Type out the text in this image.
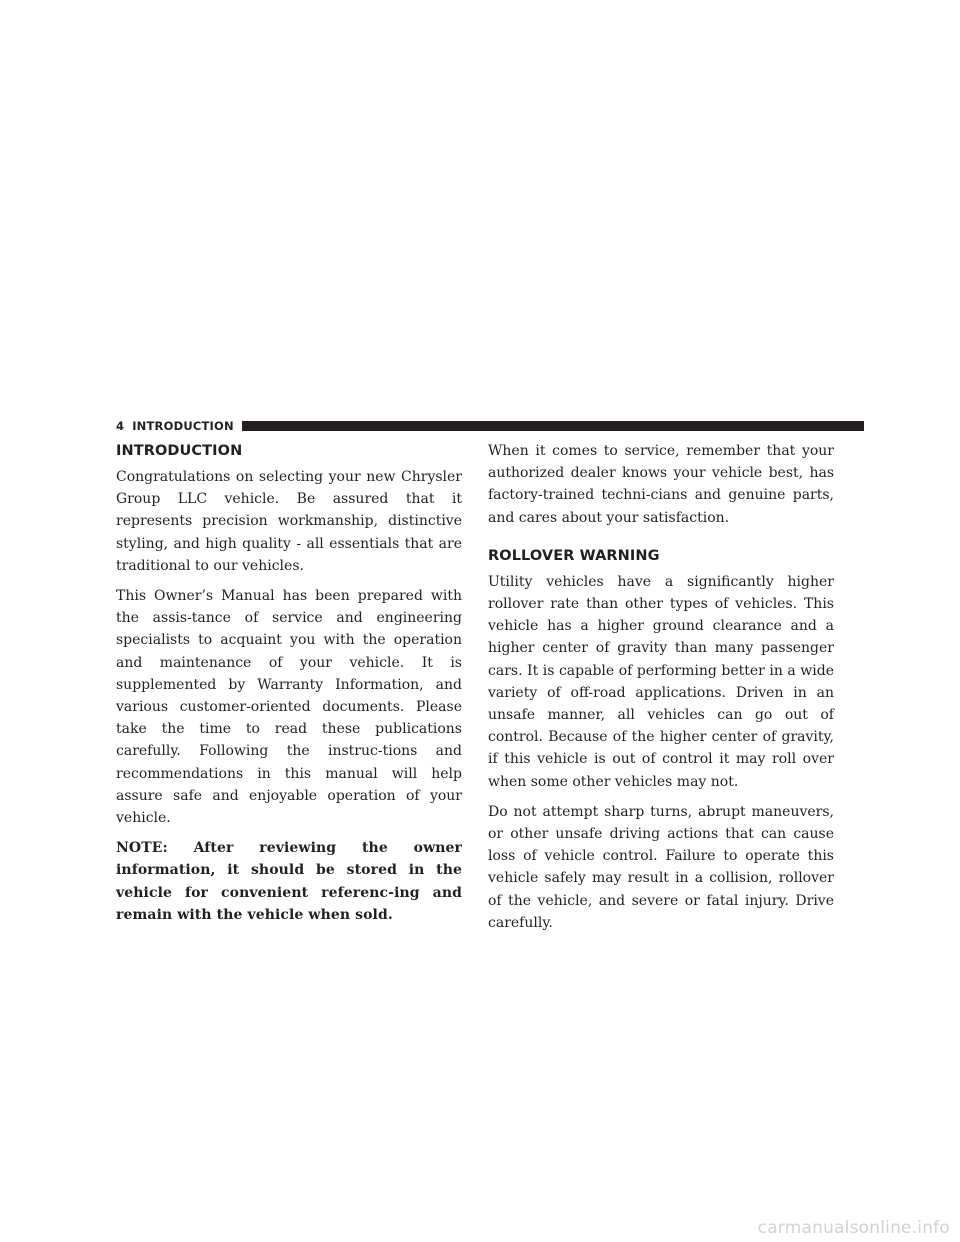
4 INTRODUCTION
INTRODUCTION

Congratulations on selecting your new Chrysler Group LLC vehicle. Be assured that it represents precision workmanship, distinctive styling, and high quality - all essentials that are traditional to our vehicles.

This Owner’s Manual has been prepared with the assis-tance of service and engineering specialists to acquaint you with the operation and maintenance of your vehicle. It is supplemented by Warranty Information, and various customer-oriented documents. Please take the time to read these publications carefully. Following the instruc-tions and recommendations in this manual will help assure safe and enjoyable operation of your vehicle.

NOTE: After reviewing the owner information, it should be stored in the vehicle for convenient referenc-ing and remain with the vehicle when sold.

When it comes to service, remember that your authorized dealer knows your vehicle best, has factory-trained techni-cians and genuine parts, and cares about your satisfaction.

ROLLOVER WARNING

Utility vehicles have a significantly higher rollover rate than other types of vehicles. This vehicle has a higher ground clearance and a higher center of gravity than many passenger cars. It is capable of performing better in a wide variety of off-road applications. Driven in an unsafe manner, all vehicles can go out of control. Because of the higher center of gravity, if this vehicle is out of control it may roll over when some other vehicles may not.

Do not attempt sharp turns, abrupt maneuvers, or other unsafe driving actions that can cause loss of vehicle control. Failure to operate this vehicle safely may result in a collision, rollover of the vehicle, and severe or fatal injury. Drive carefully.

carmanualsonline.info
